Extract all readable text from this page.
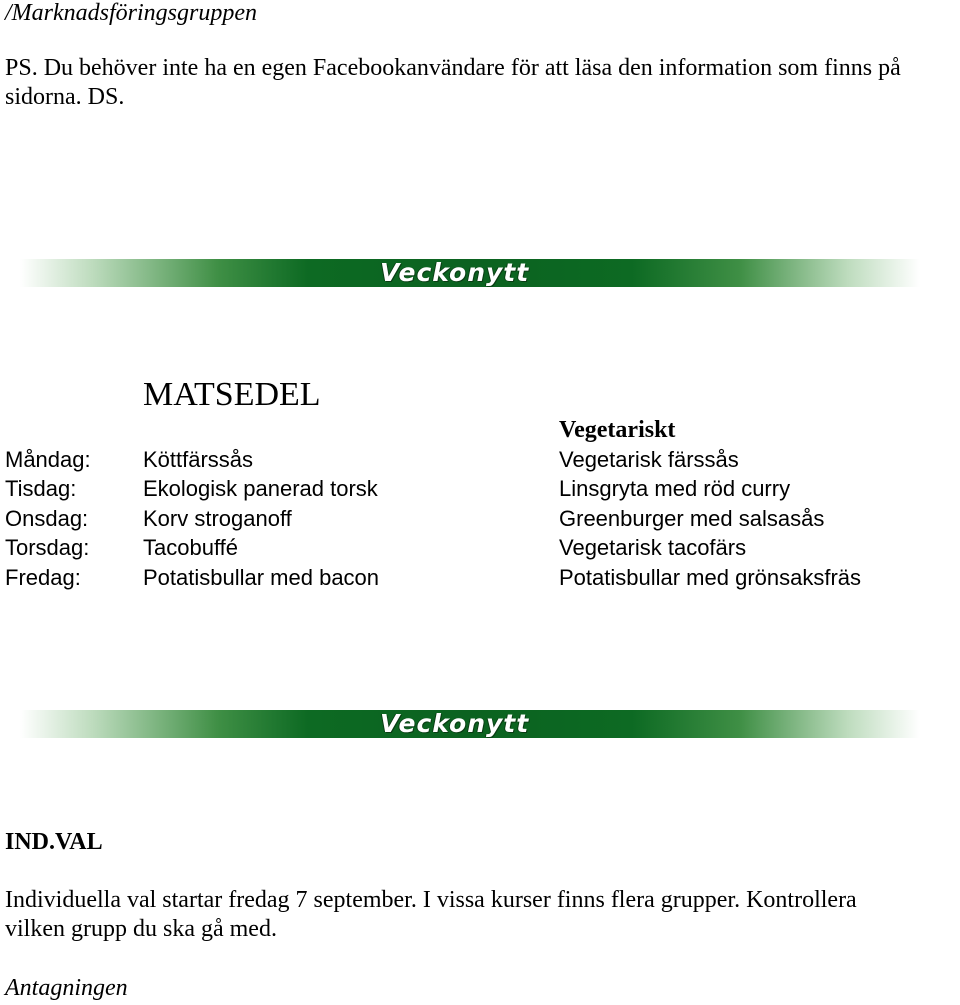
/Marknadsföringsgruppen

PS. Du behöver inte ha en egen Facebookanvändare för att läsa den information som finns på

sidorna. DS.

Veckonytt
MATSEDEL

Vegetariskt

Måndag: Köttfärssås	Vegetarisk färssås
Tisdag:	Ekologisk panerad torsk	Linsgryta med röd curry
Onsdag: Korv stroganoff	Greenburger med salsasås
Torsdag: Tacobuffé	Vegetarisk tacofärs
Fredag:	Potatisbullar med bacon	Potatisbullar med grönsaksfräs
Veckonytt

IND.VAL

Individuella val startar fredag 7 september. I vissa kurser finns flera grupper. Kontrollera

vilken grupp du ska gå med.

Antagningen
